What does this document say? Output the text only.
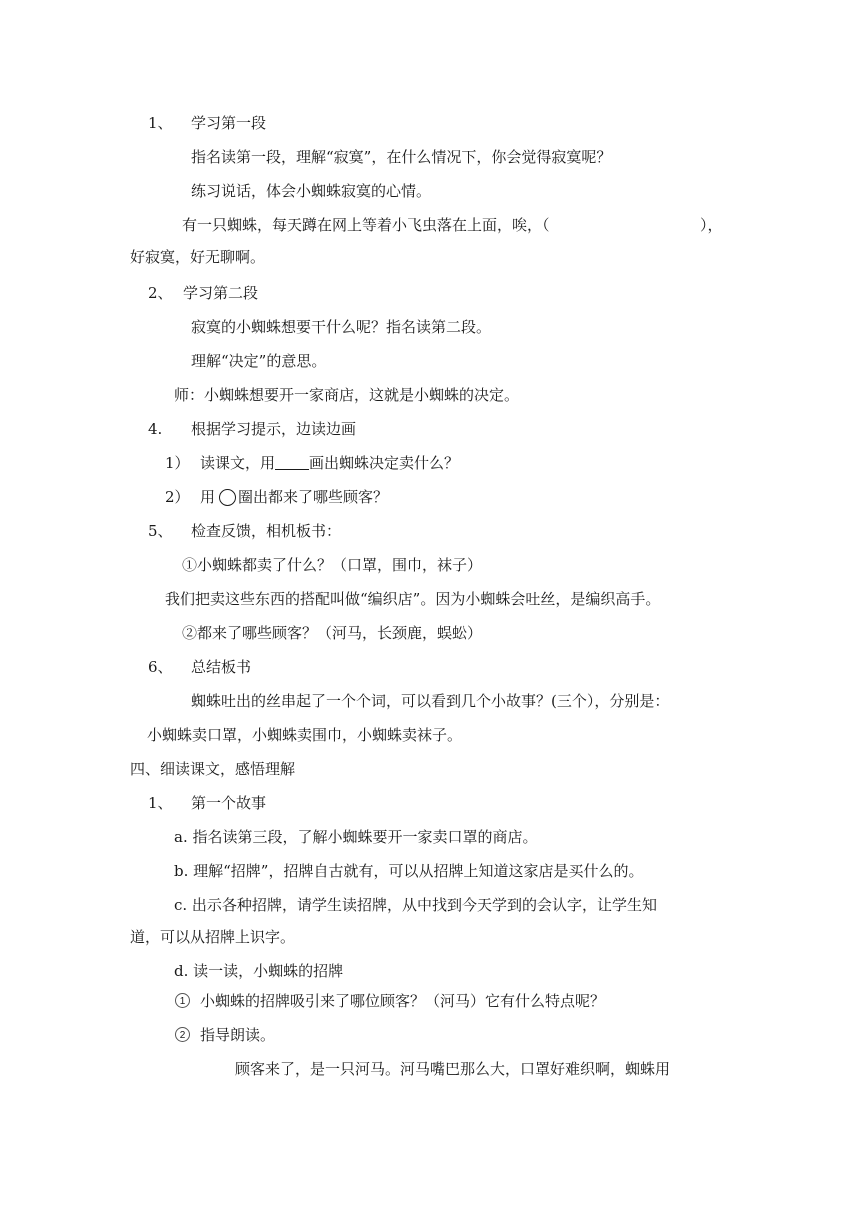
1、 学习第一段
指名读第一段，理解“寂寞”，在什么情况下，你会觉得寂寞呢？
练习说话，体会小蜘蛛寂寞的心情。
有一只蜘蛛，每天蹲在网上等着小飞虫落在上面，唉，（	），
好寂寞，好无聊啊。
2、 学习第二段
寂寞的小蜘蛛想要干什么呢？指名读第二段。
理解“决定”的意思。
师：小蜘蛛想要开一家商店，这就是小蜘蛛的决定。
4. 根据学习提示，边读边画
1） 读课文，用 画出蜘蛛决定卖什么？
2） 用 圈出都来了哪些顾客？
5、 检查反馈，相机板书：
①小蜘蛛都卖了什么？（口罩，围巾，袜子）
我们把卖这些东西的搭配叫做“编织店”。因为小蜘蛛会吐丝，是编织高手。
②都来了哪些顾客？（河马，长颈鹿，蜈蚣）
6、 总结板书
蜘蛛吐出的丝串起了一个个词，可以看到几个小故事？(三个），分别是：
小蜘蛛卖口罩，小蜘蛛卖围巾，小蜘蛛卖袜子。
四、细读课文，感悟理解
1、 第一个故事
a. 指名读第三段，了解小蜘蛛要开一家卖口罩的商店。
b. 理解“招牌”，招牌自古就有，可以从招牌上知道这家店是买什么的。
c. 出示各种招牌，请学生读招牌，从中找到今天学到的会认字，让学生知
道，可以从招牌上识字。
d. 读一读，小蜘蛛的招牌
1 小蜘蛛的招牌吸引来了哪位顾客？（河马）它有什么特点呢？
2 指导朗读。
顾客来了，是一只河马。河马嘴巴那么大，口罩好难织啊，蜘蛛用
